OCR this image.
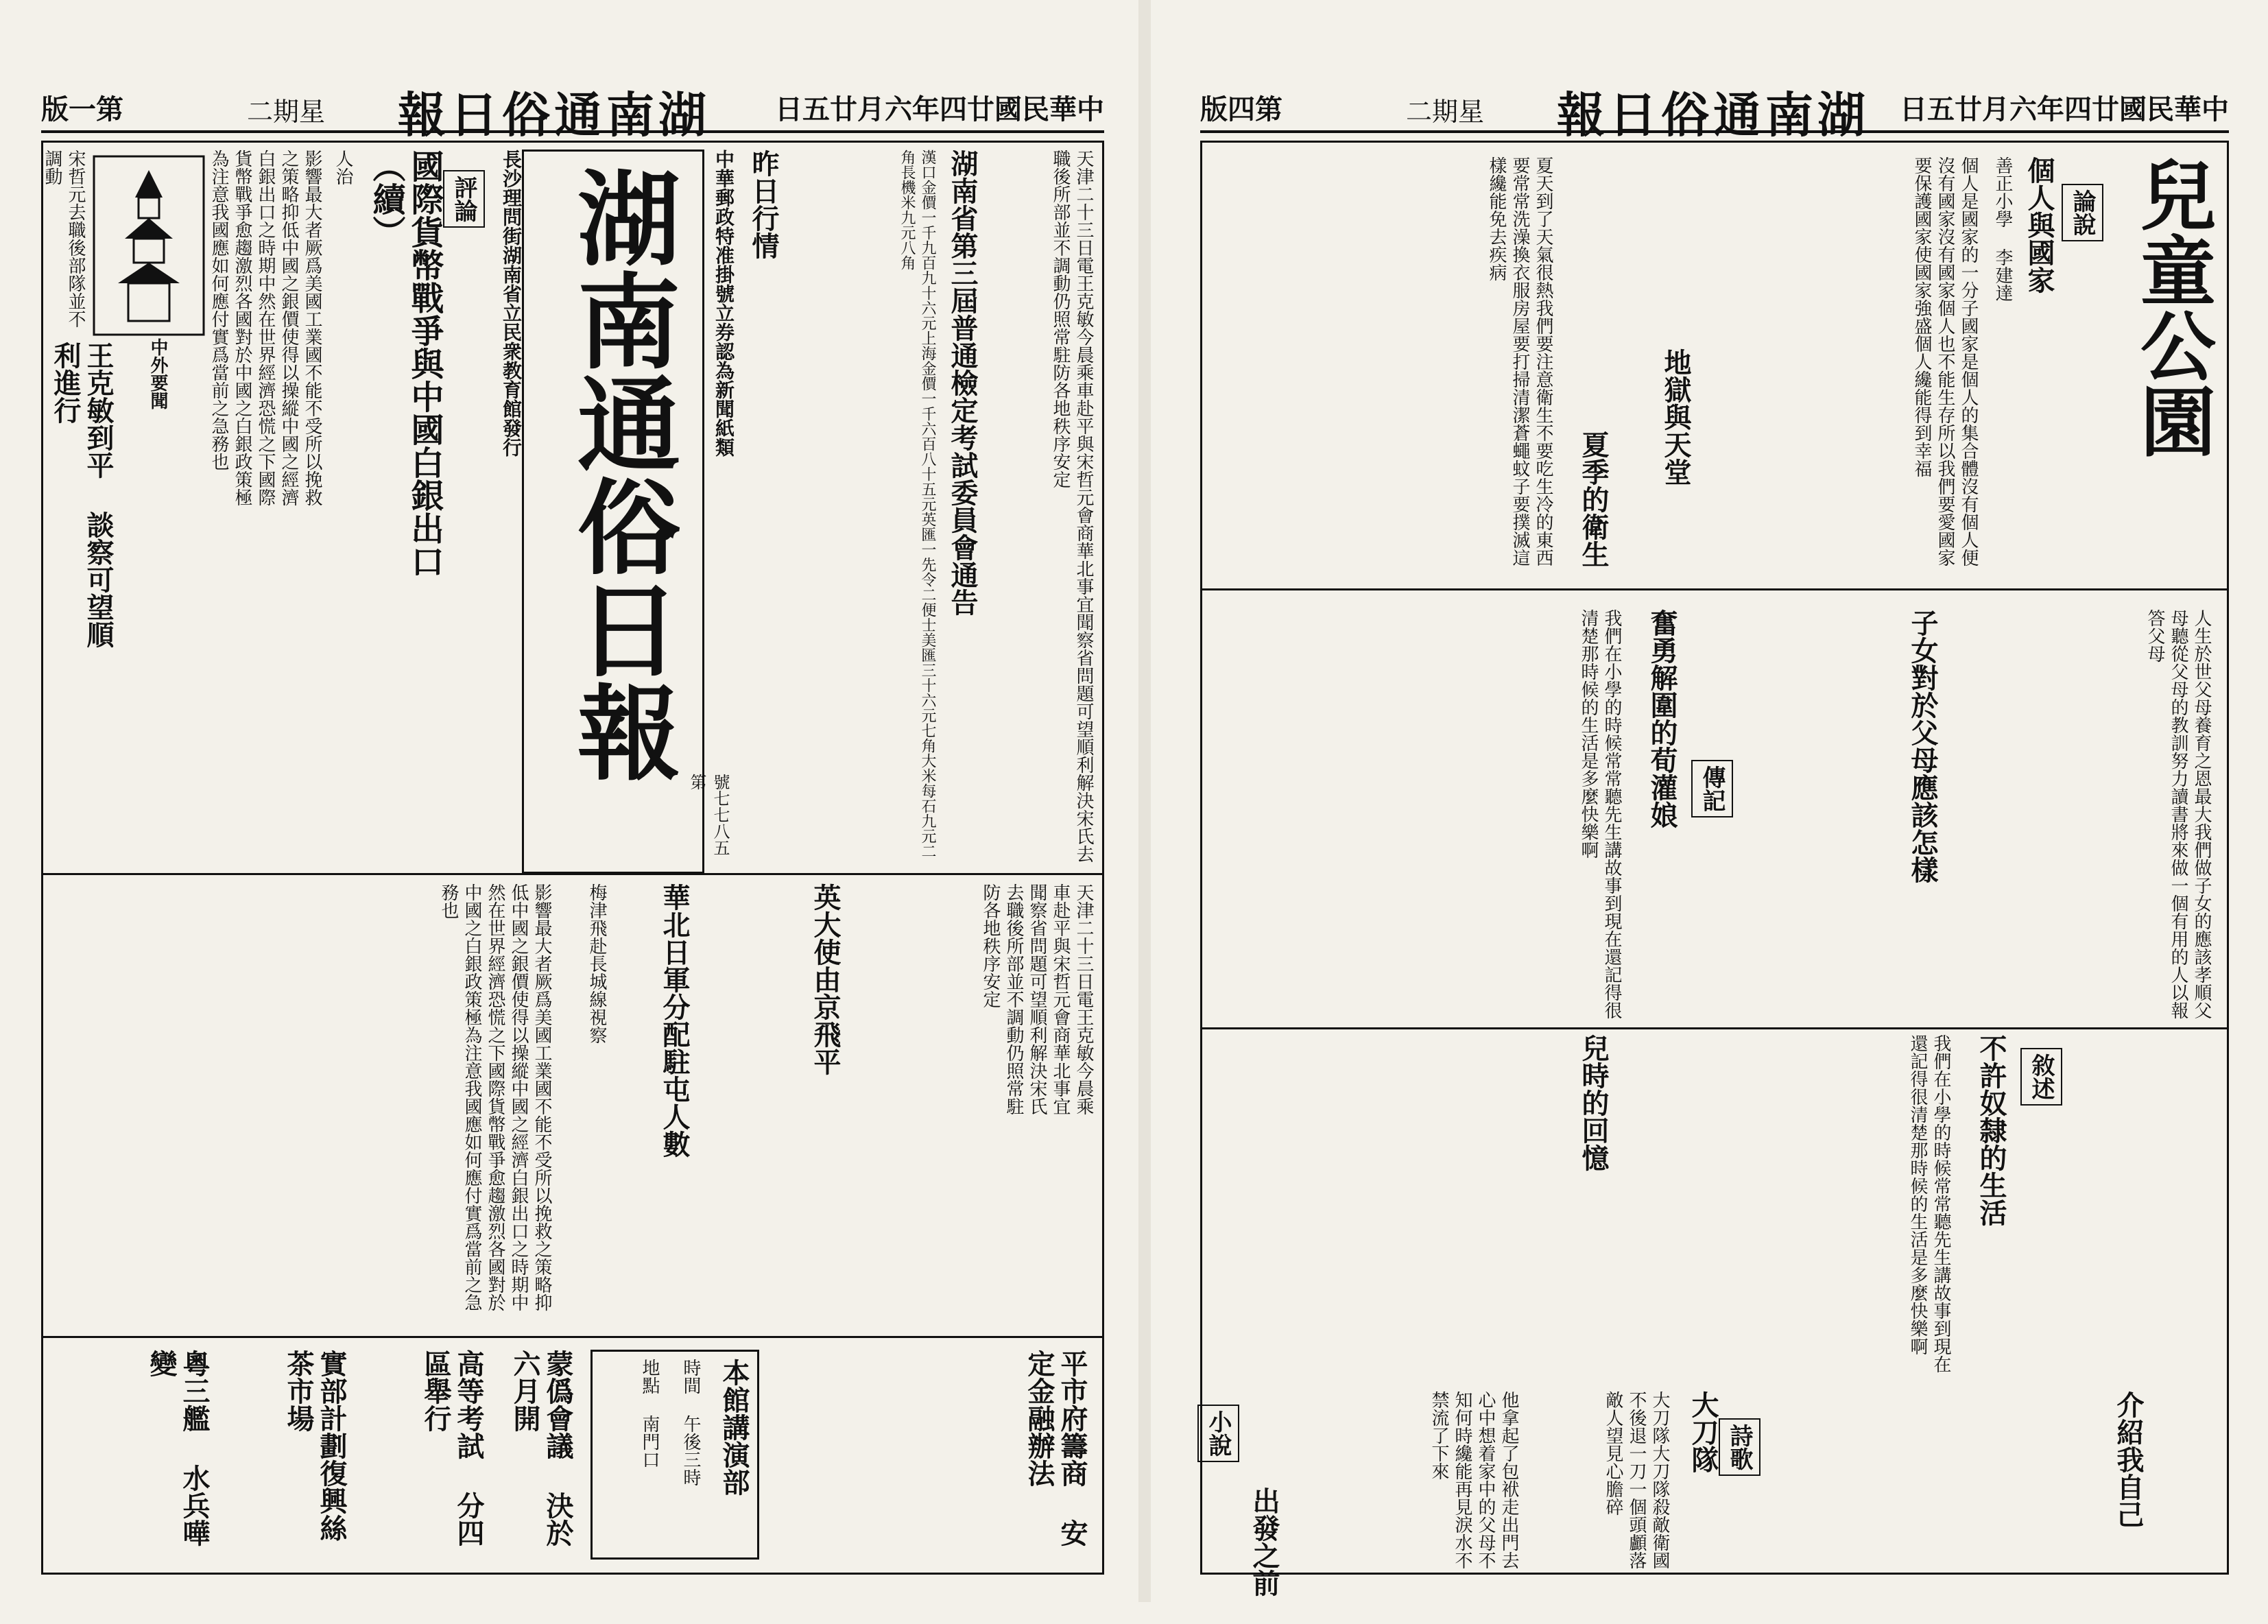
版一第	二期星 報日俗通南湖 日五廿月六年四廿國民華中
湖南通俗日報
長沙理問街湖南省立民衆教育館發行	中華郵政特准掛號立券認為新聞紙類
號七七八五第
昨日行情	漢口金價一千九百九十六元上海金價一千六百八十五元英匯一先令二便士美匯三十六元七角大米每石九元二角長機米九元八角	湖南省第三屆普通檢定考試委員會通告	天津二十三日電王克敏今晨乘車赴平與宋哲元會商華北事宜聞察省問題可望順利解決宋氏去職後所部並不調動仍照常駐防各地秩序安定
評論
國際貨幣戰爭與中國白銀出口（續）
人治
影響最大者厥爲美國工業國不能不受所以挽救之策略抑低中國之銀價使得以操縱中國之經濟白銀出口之時期中然在世界經濟恐慌之下國際貨幣戰爭愈趨激烈各國對於中國之白銀政策極為注意我國應如何應付實爲當前之急務也
中外要聞
王克敏到平 談察可望順利進行
宋哲元去職後部隊並不調動
天津二十三日電王克敏今晨乘車赴平與宋哲元會商華北事宜聞察省問題可望順利解決宋氏去職後所部並不調動仍照常駐防各地秩序安定
英大使由京飛平
華北日軍分配駐屯人數
梅津飛赴長城線視察
影響最大者厥爲美國工業國不能不受所以挽救之策略抑低中國之銀價使得以操縱中國之經濟白銀出口之時期中然在世界經濟恐慌之下國際貨幣戰爭愈趨激烈各國對於中國之白銀政策極為注意我國應如何應付實爲當前之急務也
平市府籌商 安定金融辦法
本館講演部
時間 午後三時
地點 南門口
蒙僞會議 決於六月開
高等考試 分四區舉行
實部計劃復興絲茶市場
粵三艦 水兵嘩變
版四第	二期星 報日俗通南湖 日五廿月六年四廿國民華中
兒童公園
論說
個人與國家
善正小學 李建達
個人是國家的一分子國家是個人的集合體沒有個人便沒有國家沒有國家個人也不能生存所以我們要愛國家要保護國家使國家強盛個人纔能得到幸福
地獄與天堂
夏季的衛生
夏天到了天氣很熱我們要注意衛生不要吃生冷的東西要常常洗澡換衣服房屋要打掃清潔蒼蠅蚊子要撲滅這樣纔能免去疾病
子女對於父母應該怎樣	人生於世父母養育之恩最大我們做子女的應該孝順父母聽從父母的教訓努力讀書將來做一個有用的人以報答父母
傳記
奮勇解圍的荀灌娘
我們在小學的時候常常聽先生講故事到現在還記得很清楚那時候的生活是多麼快樂啊
敘述
不許奴隸的生活
兒時的回憶	我們在小學的時候常常聽先生講故事到現在還記得很清楚那時候的生活是多麼快樂啊
介紹我自己
詩歌
大刀隊
大刀隊大刀隊殺敵衛國不後退一刀一個頭顱落敵人望見心膽碎
小說
出發之前	他拿起了包袱走出門去心中想着家中的父母不知何時纔能再見淚水不禁流了下來
